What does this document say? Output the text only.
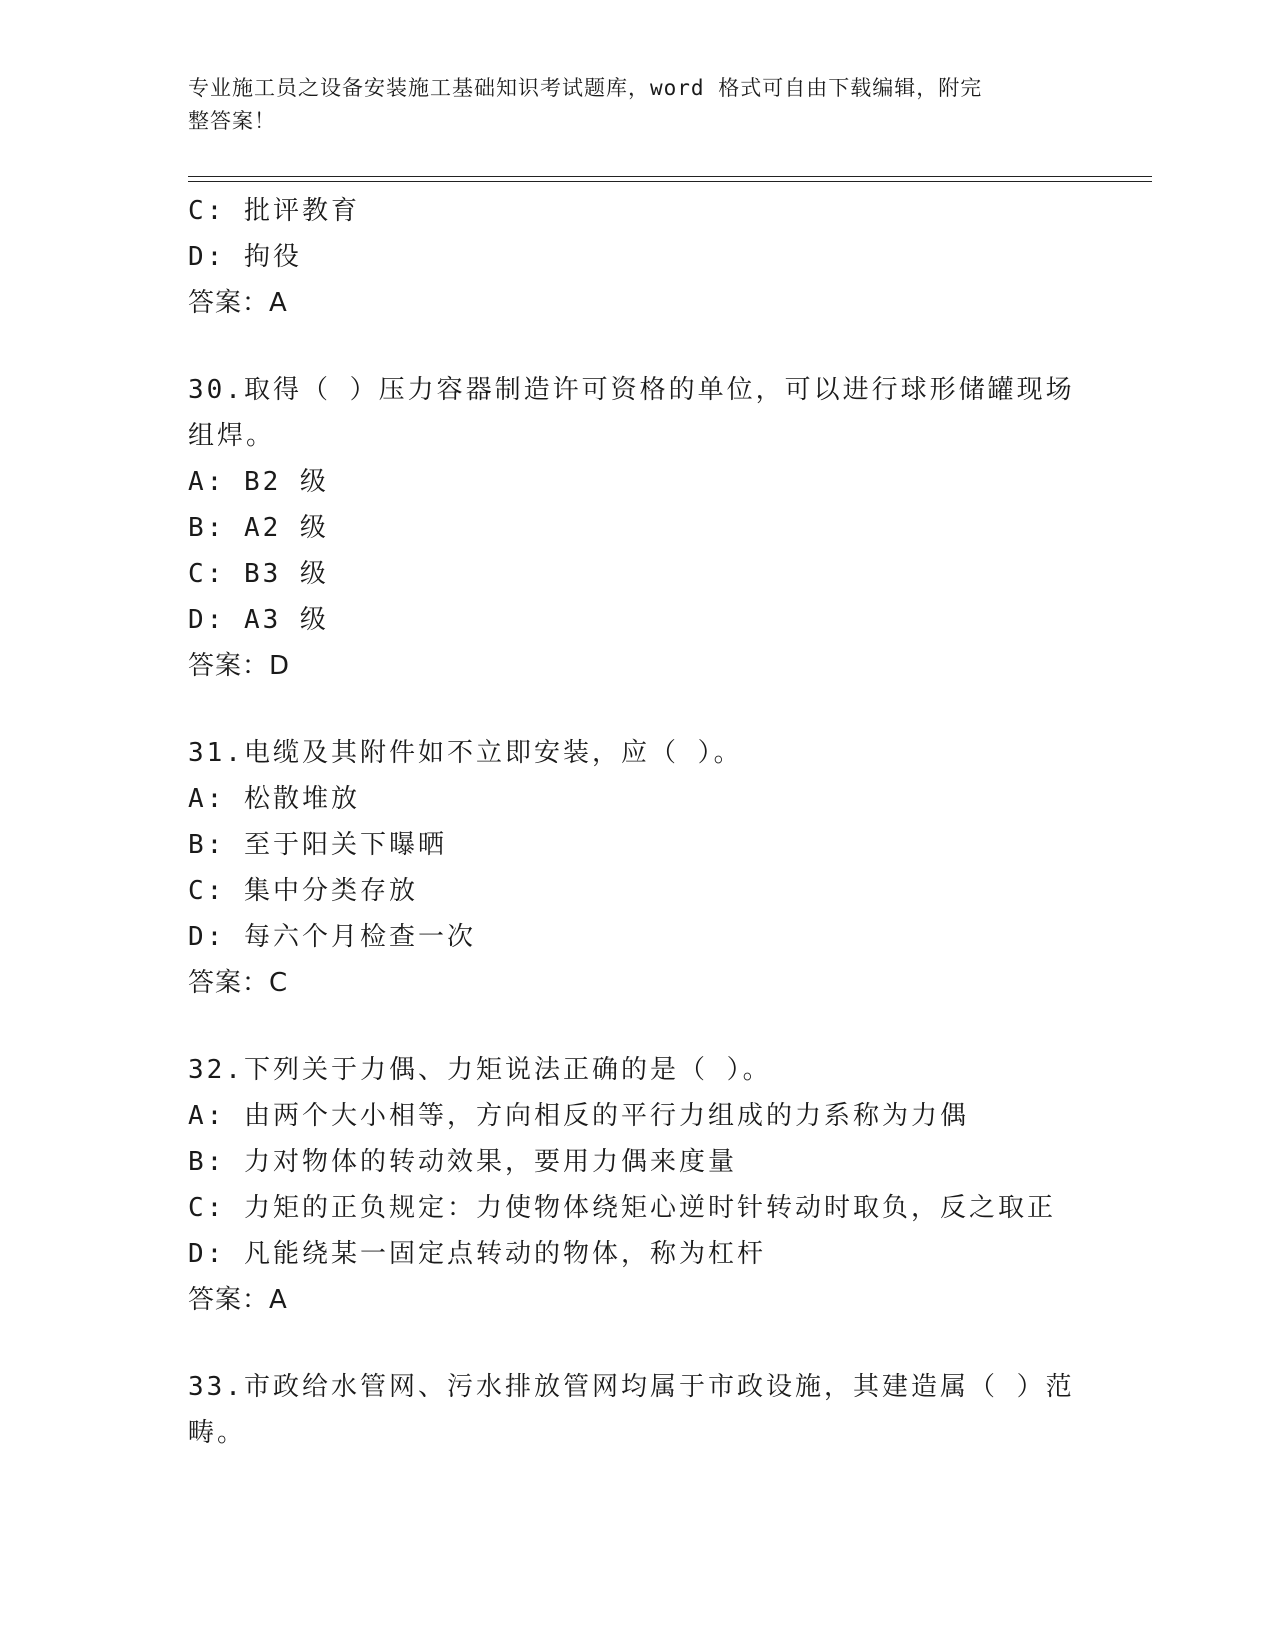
专业施工员之设备安装施工基础知识考试题库，word 格式可自由下载编辑，附完
整答案！
C: 批评教育
D: 拘役
答案：A
30.取得（ ）压力容器制造许可资格的单位，可以进行球形储罐现场
组焊。
A: B2 级
B: A2 级
C: B3 级
D: A3 级
答案：D
31.电缆及其附件如不立即安装，应（ ）。
A: 松散堆放
B: 至于阳关下曝晒
C: 集中分类存放
D: 每六个月检查一次
答案：C
32.下列关于力偶、力矩说法正确的是（ ）。
A: 由两个大小相等，方向相反的平行力组成的力系称为力偶
B: 力对物体的转动效果，要用力偶来度量
C: 力矩的正负规定：力使物体绕矩心逆时针转动时取负，反之取正
D: 凡能绕某一固定点转动的物体，称为杠杆
答案：A
33.市政给水管网、污水排放管网均属于市政设施，其建造属（ ）范
畴。
